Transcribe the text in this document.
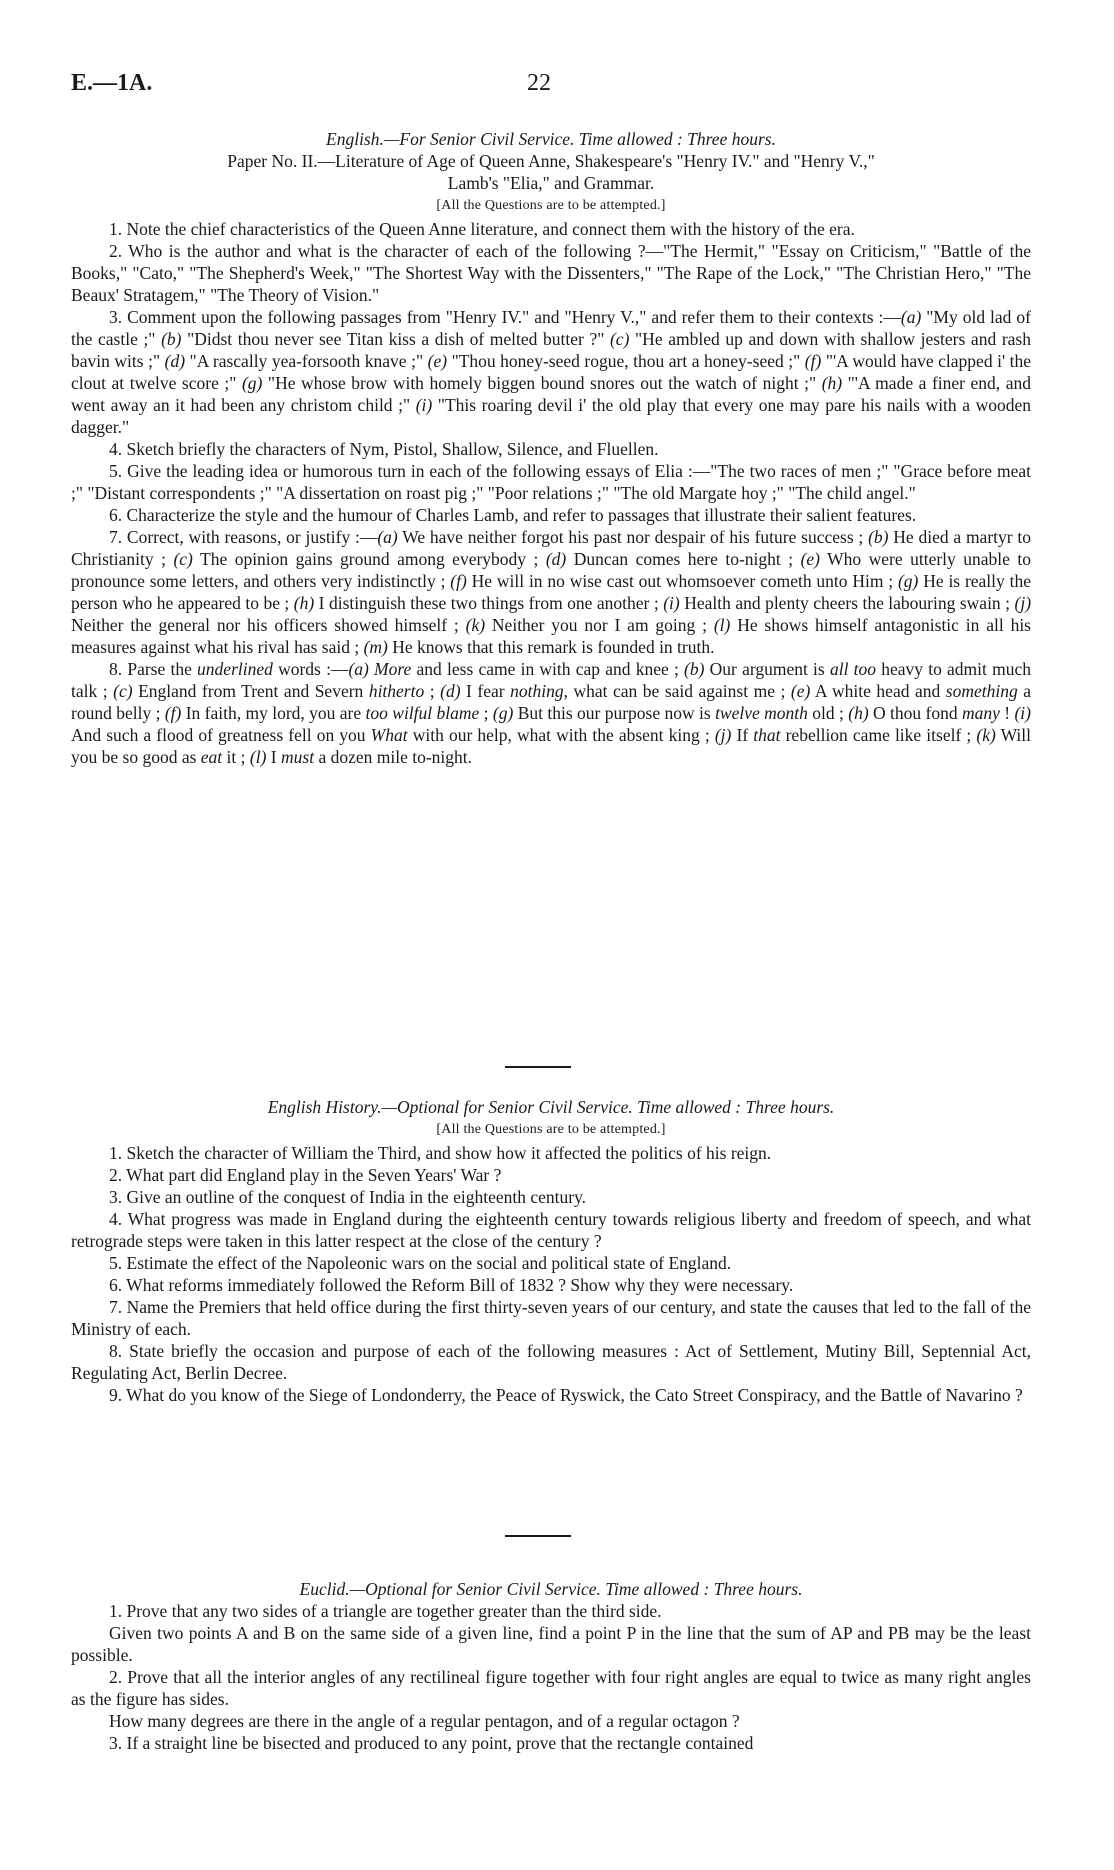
E.—1A.	22
English.—For Senior Civil Service. Time allowed : Three hours.
Paper No. II.—Literature of Age of Queen Anne, Shakespeare's "Henry IV." and "Henry V.,"
Lamb's "Elia," and Grammar.
[All the Questions are to be attempted.]

1. Note the chief characteristics of the Queen Anne literature, and connect them with the history of the era.

2. Who is the author and what is the character of each of the following ?—"The Hermit," "Essay on Criticism," "Battle of the Books," "Cato," "The Shepherd's Week," "The Shortest Way with the Dissenters," "The Rape of the Lock," "The Christian Hero," "The Beaux' Stratagem," "The Theory of Vision."

3. Comment upon the following passages from "Henry IV." and "Henry V.," and refer them to their contexts :—(a) "My old lad of the castle ;" (b) "Didst thou never see Titan kiss a dish of melted butter ?" (c) "He ambled up and down with shallow jesters and rash bavin wits ;" (d) "A rascally yea-forsooth knave ;" (e) "Thou honey-seed rogue, thou art a honey-seed ;" (f) "'A would have clapped i' the clout at twelve score ;" (g) "He whose brow with homely biggen bound snores out the watch of night ;" (h) "'A made a finer end, and went away an it had been any christom child ;" (i) "This roaring devil i' the old play that every one may pare his nails with a wooden dagger."

4. Sketch briefly the characters of Nym, Pistol, Shallow, Silence, and Fluellen.

5. Give the leading idea or humorous turn in each of the following essays of Elia :—"The two races of men ;" "Grace before meat ;" "Distant correspondents ;" "A dissertation on roast pig ;" "Poor relations ;" "The old Margate hoy ;" "The child angel."

6. Characterize the style and the humour of Charles Lamb, and refer to passages that illustrate their salient features.

7. Correct, with reasons, or justify :—(a) We have neither forgot his past nor despair of his future success ; (b) He died a martyr to Christianity ; (c) The opinion gains ground among everybody ; (d) Duncan comes here to-night ; (e) Who were utterly unable to pronounce some letters, and others very indistinctly ; (f) He will in no wise cast out whomsoever cometh unto Him ; (g) He is really the person who he appeared to be ; (h) I distinguish these two things from one another ; (i) Health and plenty cheers the labouring swain ; (j) Neither the general nor his officers showed himself ; (k) Neither you nor I am going ; (l) He shows himself antagonistic in all his measures against what his rival has said ; (m) He knows that this remark is founded in truth.

8. Parse the underlined words :—(a) More and less came in with cap and knee ; (b) Our argument is all too heavy to admit much talk ; (c) England from Trent and Severn hitherto ; (d) I fear nothing, what can be said against me ; (e) A white head and something a round belly ; (f) In faith, my lord, you are too wilful blame ; (g) But this our purpose now is twelve month old ; (h) O thou fond many ! (i) And such a flood of greatness fell on you What with our help, what with the absent king ; (j) If that rebellion came like itself ; (k) Will you be so good as eat it ; (l) I must a dozen mile to-night.

English History.—Optional for Senior Civil Service. Time allowed : Three hours.
[All the Questions are to be attempted.]

1. Sketch the character of William the Third, and show how it affected the politics of his reign.

2. What part did England play in the Seven Years' War ?

3. Give an outline of the conquest of India in the eighteenth century.

4. What progress was made in England during the eighteenth century towards religious liberty and freedom of speech, and what retrograde steps were taken in this latter respect at the close of the century ?

5. Estimate the effect of the Napoleonic wars on the social and political state of England.

6. What reforms immediately followed the Reform Bill of 1832 ? Show why they were necessary.

7. Name the Premiers that held office during the first thirty-seven years of our century, and state the causes that led to the fall of the Ministry of each.

8. State briefly the occasion and purpose of each of the following measures : Act of Settlement, Mutiny Bill, Septennial Act, Regulating Act, Berlin Decree.

9. What do you know of the Siege of Londonderry, the Peace of Ryswick, the Cato Street Conspiracy, and the Battle of Navarino ?

Euclid.—Optional for Senior Civil Service. Time allowed : Three hours.

1. Prove that any two sides of a triangle are together greater than the third side.

Given two points A and B on the same side of a given line, find a point P in the line that the sum of AP and PB may be the least possible.

2. Prove that all the interior angles of any rectilineal figure together with four right angles are equal to twice as many right angles as the figure has sides.

How many degrees are there in the angle of a regular pentagon, and of a regular octagon ?

3. If a straight line be bisected and produced to any point, prove that the rectangle contained
